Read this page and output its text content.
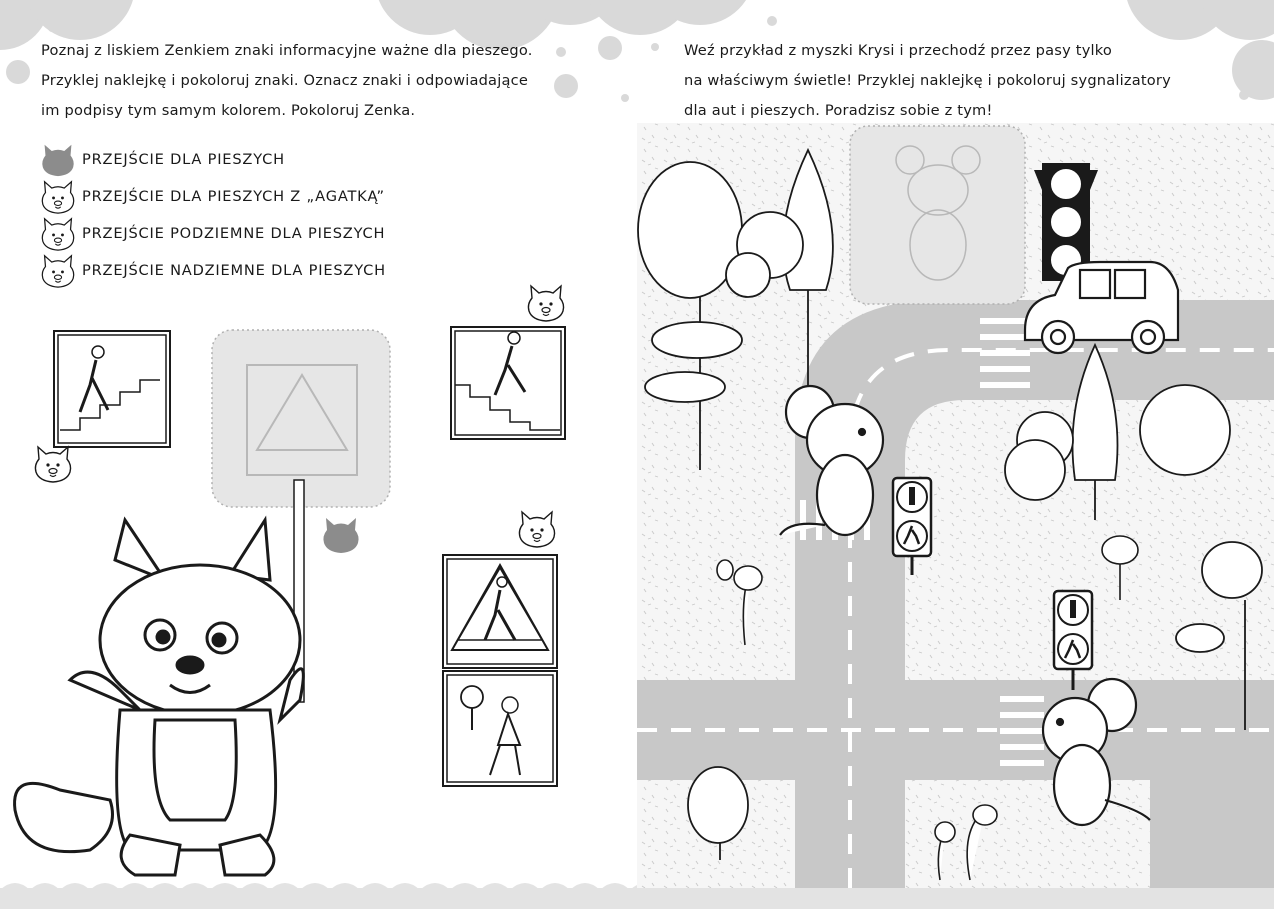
Poznaj z liskiem Zenkiem znaki informacyjne ważne dla pieszego.

Przyklej naklejkę i pokoloruj znaki. Oznacz znaki i odpowiadające

im podpisy tym samym kolorem. Pokoloruj Zenka.

PRZEJŚCIE DLA PIESZYCH
PRZEJŚCIE DLA PIESZYCH Z „AGATKĄ”
PRZEJŚCIE PODZIEMNE DLA PIESZYCH
PRZEJŚCIE NADZIEMNE DLA PIESZYCH

Weź przykład z myszki Krysi i przechodź przez pasy tylko

na właściwym świetle! Przyklej naklejkę i pokoloruj sygnalizatory

dla aut i pieszych. Poradzisz sobie z tym!
